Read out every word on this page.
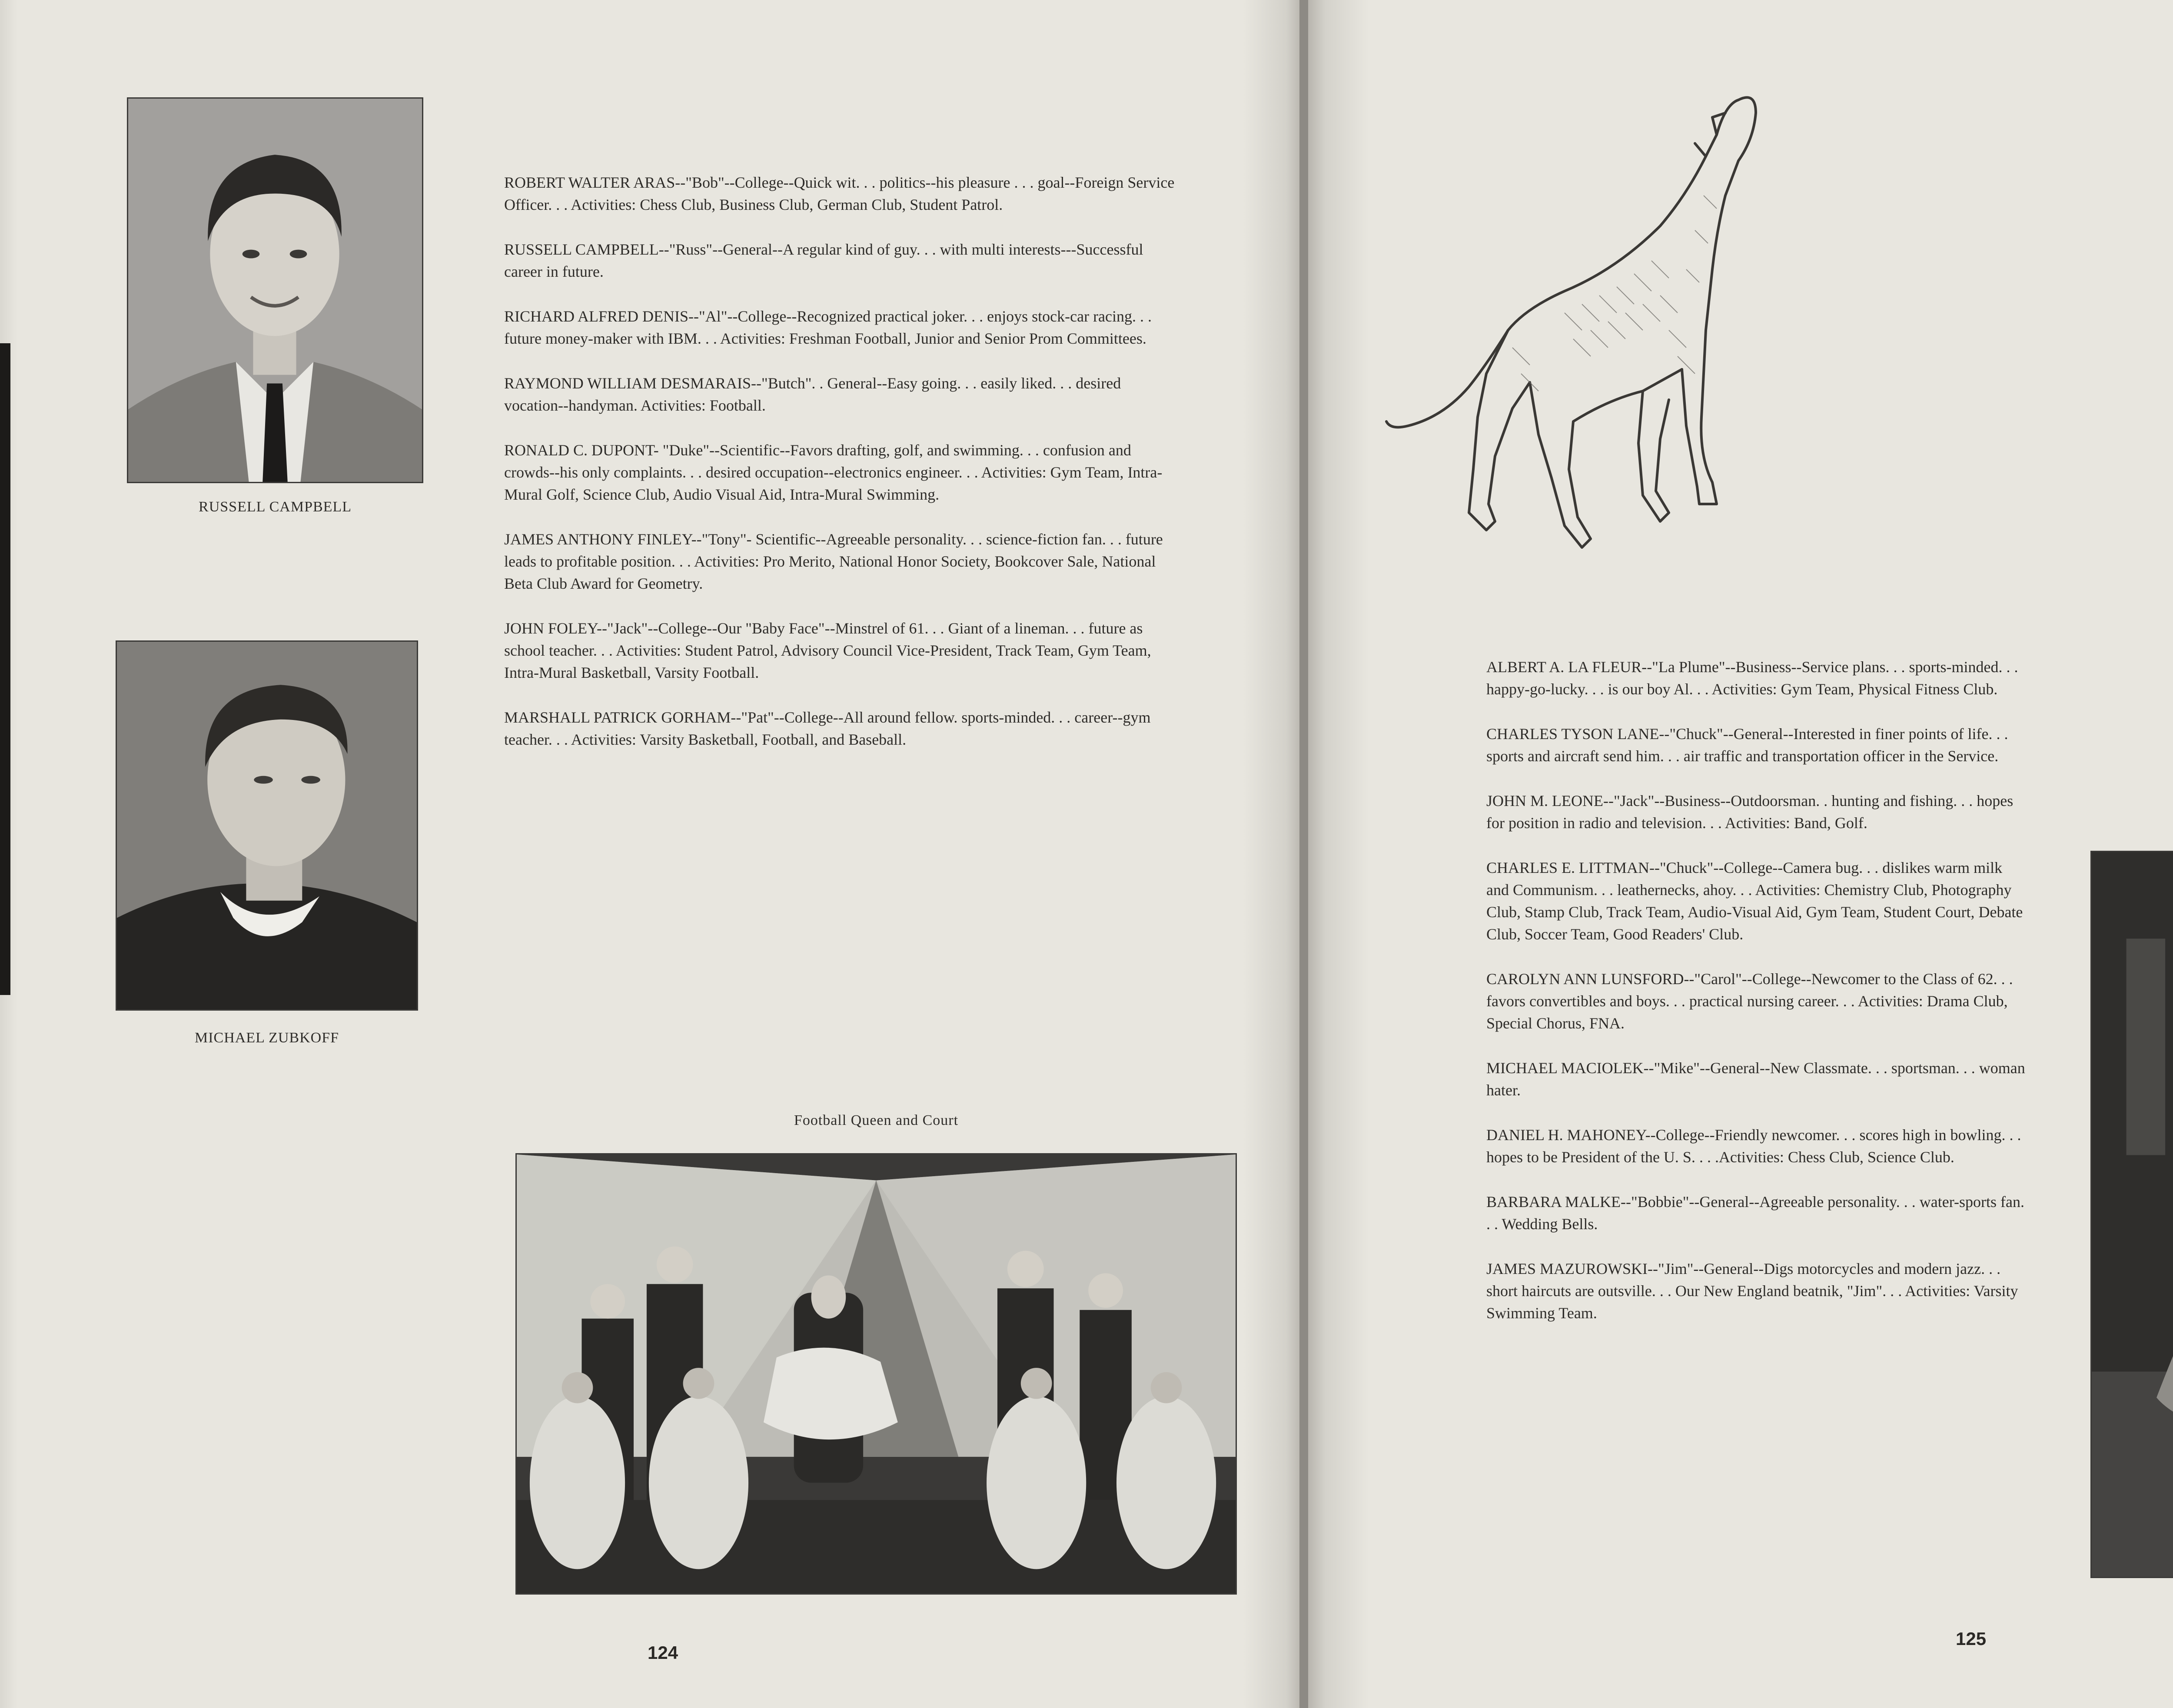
RUSSELL CAMPBELL
MICHAEL ZUBKOFF
ROBERT WALTER ARAS--"Bob"--College--Quick wit. . . politics--his pleasure . . . goal--Foreign Service Officer. . . Activities: Chess Club, Business Club, German Club, Student Patrol.
RUSSELL CAMPBELL--"Russ"--General--A regular kind of guy. . . with multi interests---Successful career in future.
RICHARD ALFRED DENIS--"Al"--College--Recognized practical joker. . . enjoys stock-car racing. . . future money-maker with IBM. . . Activities: Freshman Football, Junior and Senior Prom Committees.
RAYMOND WILLIAM DESMARAIS--"Butch". . General--Easy going. . . easily liked. . . desired vocation--handyman. Activities: Football.
RONALD C. DUPONT- "Duke"--Scientific--Favors drafting, golf, and swimming. . . confusion and crowds--his only complaints. . . desired occupation--electronics engineer. . . Activities: Gym Team, Intra-Mural Golf, Science Club, Audio Visual Aid, Intra-Mural Swimming.
JAMES ANTHONY FINLEY--"Tony"- Scientific--Agreeable personality. . . science-fiction fan. . . future leads to profitable position. . . Activities: Pro Merito, National Honor Society, Bookcover Sale, National Beta Club Award for Geometry.
JOHN FOLEY--"Jack"--College--Our "Baby Face"--Minstrel of 61. . . Giant of a lineman. . . future as school teacher. . . Activities: Student Patrol, Advisory Council Vice-President, Track Team, Gym Team, Intra-Mural Basketball, Varsity Football.
MARSHALL PATRICK GORHAM--"Pat"--College--All around fellow. sports-minded. . . career--gym teacher. . . Activities: Varsity Basketball, Football, and Baseball.
Football Queen and Court
124
ALBERT A. LA FLEUR--"La Plume"--Business--Service plans. . . sports-minded. . . happy-go-lucky. . . is our boy Al. . . Activities: Gym Team, Physical Fitness Club.
CHARLES TYSON LANE--"Chuck"--General--Interested in finer points of life. . . sports and aircraft send him. . . air traffic and transportation officer in the Service.
JOHN M. LEONE--"Jack"--Business--Outdoorsman. . hunting and fishing. . . hopes for position in radio and television. . . Activities: Band, Golf.
CHARLES E. LITTMAN--"Chuck"--College--Camera bug. . . dislikes warm milk and Communism. . . leathernecks, ahoy. . . Activities: Chemistry Club, Photography Club, Stamp Club, Track Team, Audio-Visual Aid, Gym Team, Student Court, Debate Club, Soccer Team, Good Readers' Club.
CAROLYN ANN LUNSFORD--"Carol"--College--Newcomer to the Class of 62. . . favors convertibles and boys. . . practical nursing career. . . Activities: Drama Club, Special Chorus, FNA.
MICHAEL MACIOLEK--"Mike"--General--New Classmate. . . sportsman. . . woman hater.
DANIEL H. MAHONEY--College--Friendly newcomer. . . scores high in bowling. . . hopes to be President of the U. S. . . .Activities: Chess Club, Science Club.
BARBARA MALKE--"Bobbie"--General--Agreeable personality. . . water-sports fan. . . Wedding Bells.
JAMES MAZUROWSKI--"Jim"--General--Digs motorcycles and modern jazz. . . short haircuts are outsville. . . Our New England beatnik, "Jim". . . Activities: Varsity Swimming Team.
125
